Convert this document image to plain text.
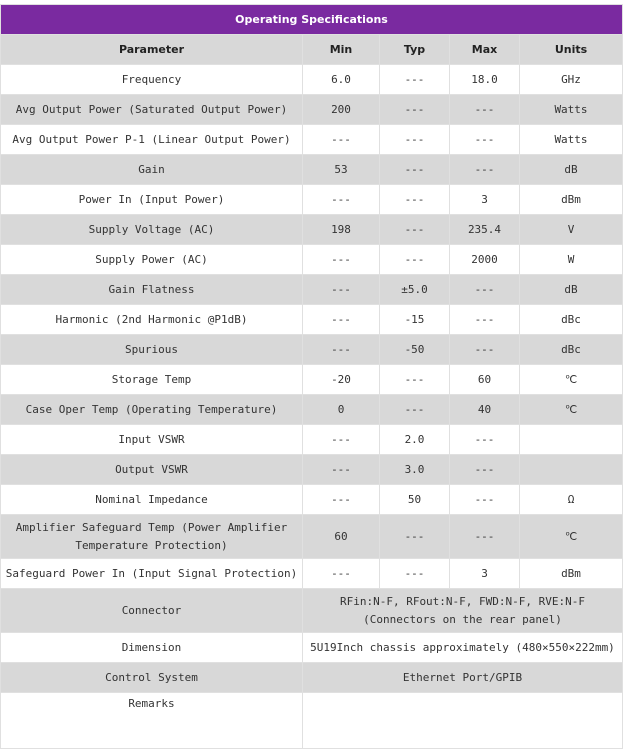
Operating Specifications				
Parameter	Min	Typ	Max	Units
Frequency	6.0	---	18.0	GHz
Avg Output Power (Saturated Output Power)	200	---	---	Watts
Avg Output Power P-1 (Linear Output Power)	---	---	---	Watts
Gain	53	---	---	dB
Power In (Input Power)	---	---	3	dBm
Supply Voltage (AC)	198	---	235.4	V
Supply Power (AC)	---	---	2000	W
Gain Flatness	---	±5.0	---	dB
Harmonic (2nd Harmonic @P1dB)	---	-15	---	dBc
Spurious	---	-50	---	dBc
Storage Temp	-20	---	60	℃
Case Oper Temp (Operating Temperature)	0	---	40	℃
Input VSWR	---	2.0	---	
Output VSWR	---	3.0	---	
Nominal Impedance	---	50	---	Ω
Amplifier Safeguard Temp (Power Amplifier Temperature Protection)	60	---	---	℃
Safeguard Power In (Input Signal Protection)	---	---	3	dBm
Connector	RFin:N-F, RFout:N-F, FWD:N-F, RVE:N-F (Connectors on the rear panel)			
Dimension	5U19Inch chassis approximately (480×550×222mm)			
Control System	Ethernet Port/GPIB			
Remarks				
